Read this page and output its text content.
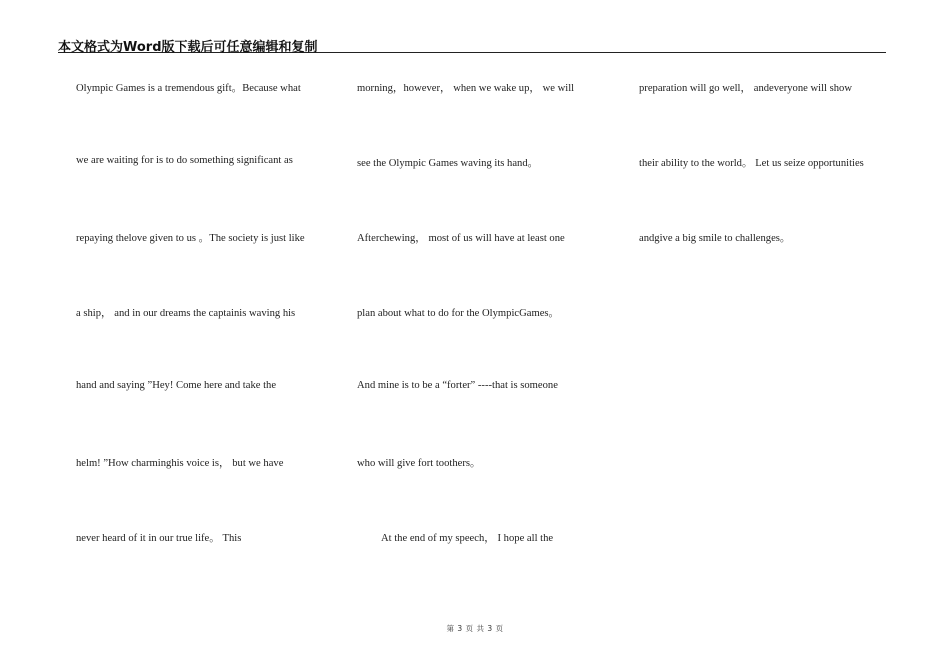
本文格式为Word版下载后可任意编辑和复制
Olympic Games is a tremendous gift。Because what
we are waiting for is to do something significant as
repaying thelove given to us 。The society is just like
a ship， and in our dreams the captainis waving his
hand and saying ”Hey! Come here and take the
helm! ”How charminghis voice is， but we have
never heard of it in our true life。 This
morning，however， when we wake up， we will
see the Olympic Games waving its hand。
Afterchewing， most of us will have at least one
plan about what to do for the OlympicGames。
And mine is to be a “forter” ----that is someone
who will give fort toothers。
At the end of my speech， I hope all the
preparation will go well， andeveryone will show
their ability to the world。 Let us seize opportunities
andgive a big smile to challenges。
第 3 页 共 3 页
